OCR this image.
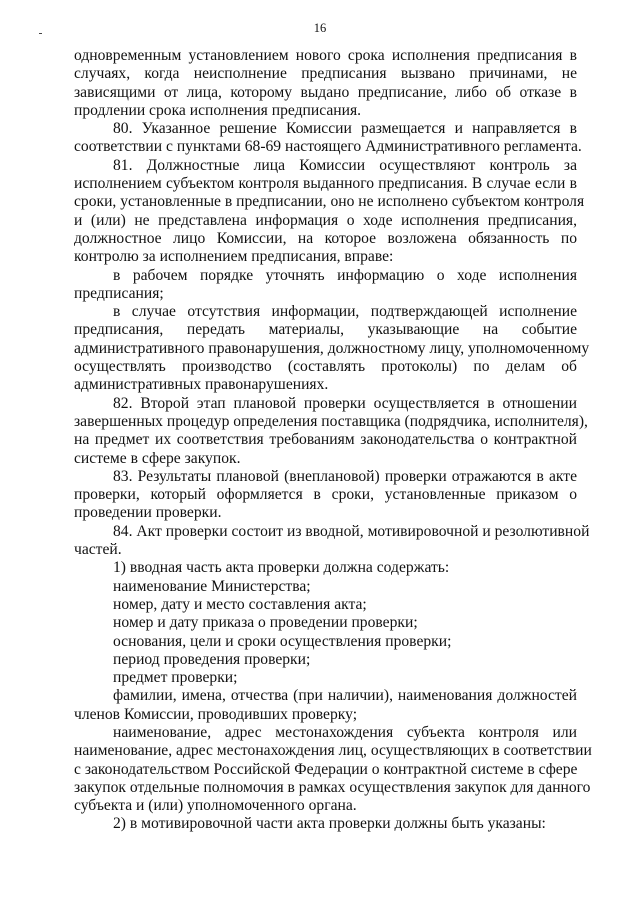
16

одновременным установлением нового срока исполнения предписания в
случаях, когда неисполнение предписания вызвано причинами, не
зависящими от лица, которому выдано предписание, либо об отказе в
продлении срока исполнения предписания.

80. Указанное решение Комиссии размещается и направляется в
соответствии с пунктами 68-69 настоящего Административного регламента.

81. Должностные лица Комиссии осуществляют контроль за
исполнением субъектом контроля выданного предписания. В случае если в
сроки, установленные в предписании, оно не исполнено субъектом контроля
и (или) не представлена информация о ходе исполнения предписания,
должностное лицо Комиссии, на которое возложена обязанность по
контролю за исполнением предписания, вправе:

в рабочем порядке уточнять информацию о ходе исполнения
предписания;

в случае отсутствия информации, подтверждающей исполнение
предписания, передать материалы, указывающие на событие
административного правонарушения, должностному лицу, уполномоченному
осуществлять производство (составлять протоколы) по делам об
административных правонарушениях.

82. Второй этап плановой проверки осуществляется в отношении
завершенных процедур определения поставщика (подрядчика, исполнителя),
на предмет их соответствия требованиям законодательства о контрактной
системе в сфере закупок.

83. Результаты плановой (внеплановой) проверки отражаются в акте
проверки, который оформляется в сроки, установленные приказом о
проведении проверки.

84. Акт проверки состоит из вводной, мотивировочной и резолютивной
частей.

1) вводная часть акта проверки должна содержать:

наименование Министерства;

номер, дату и место составления акта;

номер и дату приказа о проведении проверки;

основания, цели и сроки осуществления проверки;

период проведения проверки;

предмет проверки;

фамилии, имена, отчества (при наличии), наименования должностей
членов Комиссии, проводивших проверку;

наименование, адрес местонахождения субъекта контроля или
наименование, адрес местонахождения лиц, осуществляющих в соответствии
с законодательством Российской Федерации о контрактной системе в сфере
закупок отдельные полномочия в рамках осуществления закупок для данного
субъекта и (или) уполномоченного органа.

2) в мотивировочной части акта проверки должны быть указаны:
